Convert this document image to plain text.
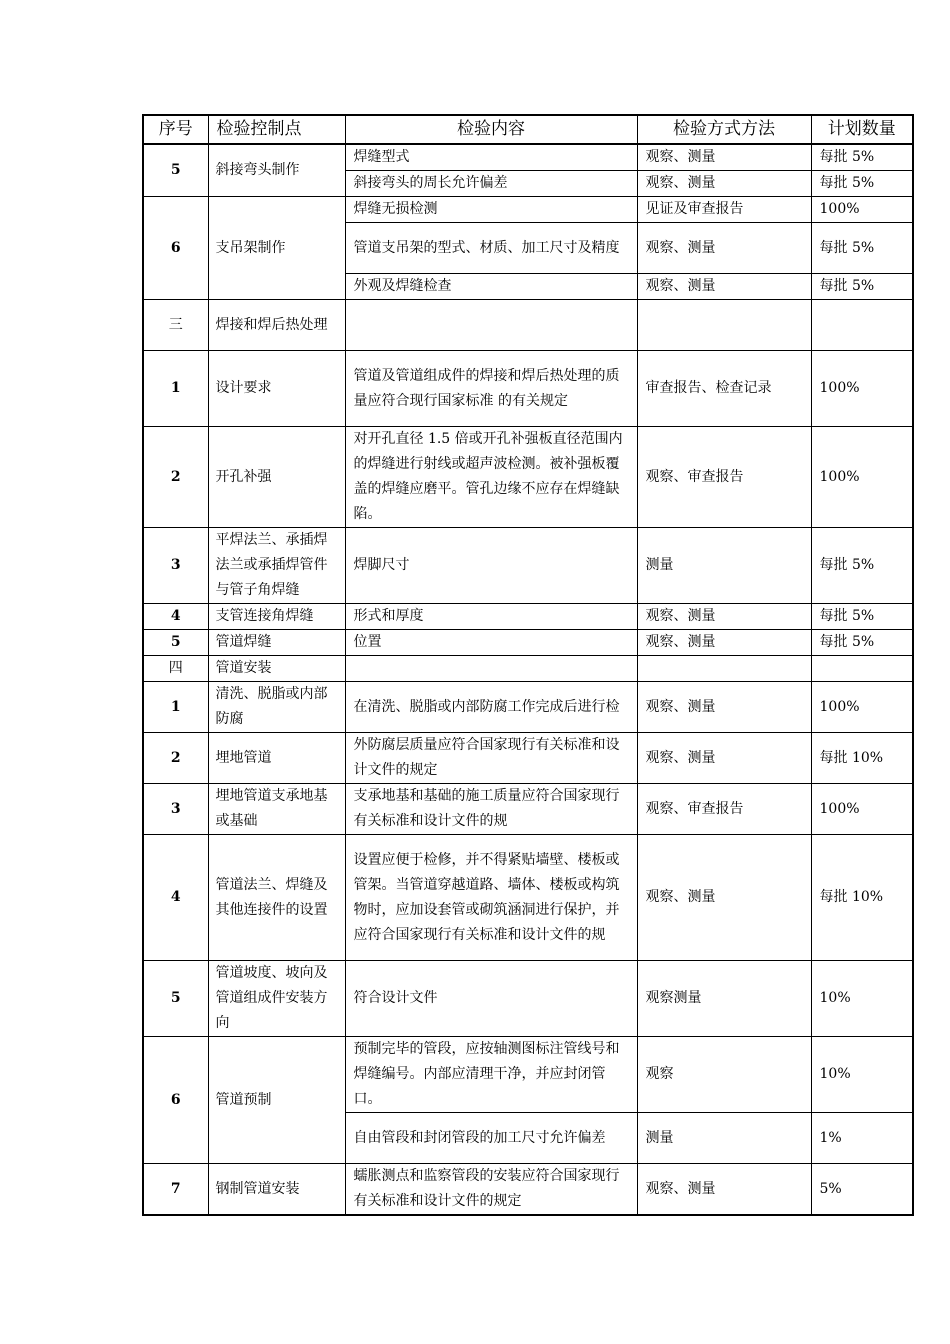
序号	检验控制点	检验内容	检验方式方法	计划数量
5	斜接弯头制作	焊缝型式	观察、测量	每批 5%
		斜接弯头的周长允许偏差	观察、测量	每批 5%
6	支吊架制作	焊缝无损检测	见证及审查报告	100%
		管道支吊架的型式、材质、加工尺寸及精度	观察、测量	每批 5%
		外观及焊缝检查	观察、测量	每批 5%
三	焊接和焊后热处理			
1	设计要求	管道及管道组成件的焊接和焊后热处理的质量应符合现行国家标准 的有关规定	审查报告、检查记录	100%
2	开孔补强	对开孔直径 1.5 倍或开孔补强板直径范围内的焊缝进行射线或超声波检测。被补强板覆盖的焊缝应磨平。管孔边缘不应存在焊缝缺陷。	观察、审查报告	100%
3	平焊法兰、承插焊法兰或承插焊管件与管子角焊缝	焊脚尺寸	测量	每批 5%
4	支管连接角焊缝	形式和厚度	观察、测量	每批 5%
5	管道焊缝	位置	观察、测量	每批 5%
四	管道安装			
1	清洗、脱脂或内部防腐	在清洗、脱脂或内部防腐工作完成后进行检	观察、测量	100%
2	埋地管道	外防腐层质量应符合国家现行有关标准和设计文件的规定	观察、测量	每批 10%
3	埋地管道支承地基或基础	支承地基和基础的施工质量应符合国家现行有关标准和设计文件的规	观察、审查报告	100%
4	管道法兰、焊缝及其他连接件的设置	设置应便于检修，并不得紧贴墙壁、楼板或管架。当管道穿越道路、墙体、楼板或构筑物时，应加设套管或砌筑涵洞进行保护，并应符合国家现行有关标准和设计文件的规	观察、测量	每批 10%
5	管道坡度、坡向及管道组成件安装方向	符合设计文件	观察测量	10%
6	管道预制	预制完毕的管段，应按轴测图标注管线号和焊缝编号。内部应清理干净，并应封闭管口。	观察	10%
		自由管段和封闭管段的加工尺寸允许偏差	测量	1%
7	钢制管道安装	蠕胀测点和监察管段的安装应符合国家现行有关标准和设计文件的规定	观察、测量	5%
